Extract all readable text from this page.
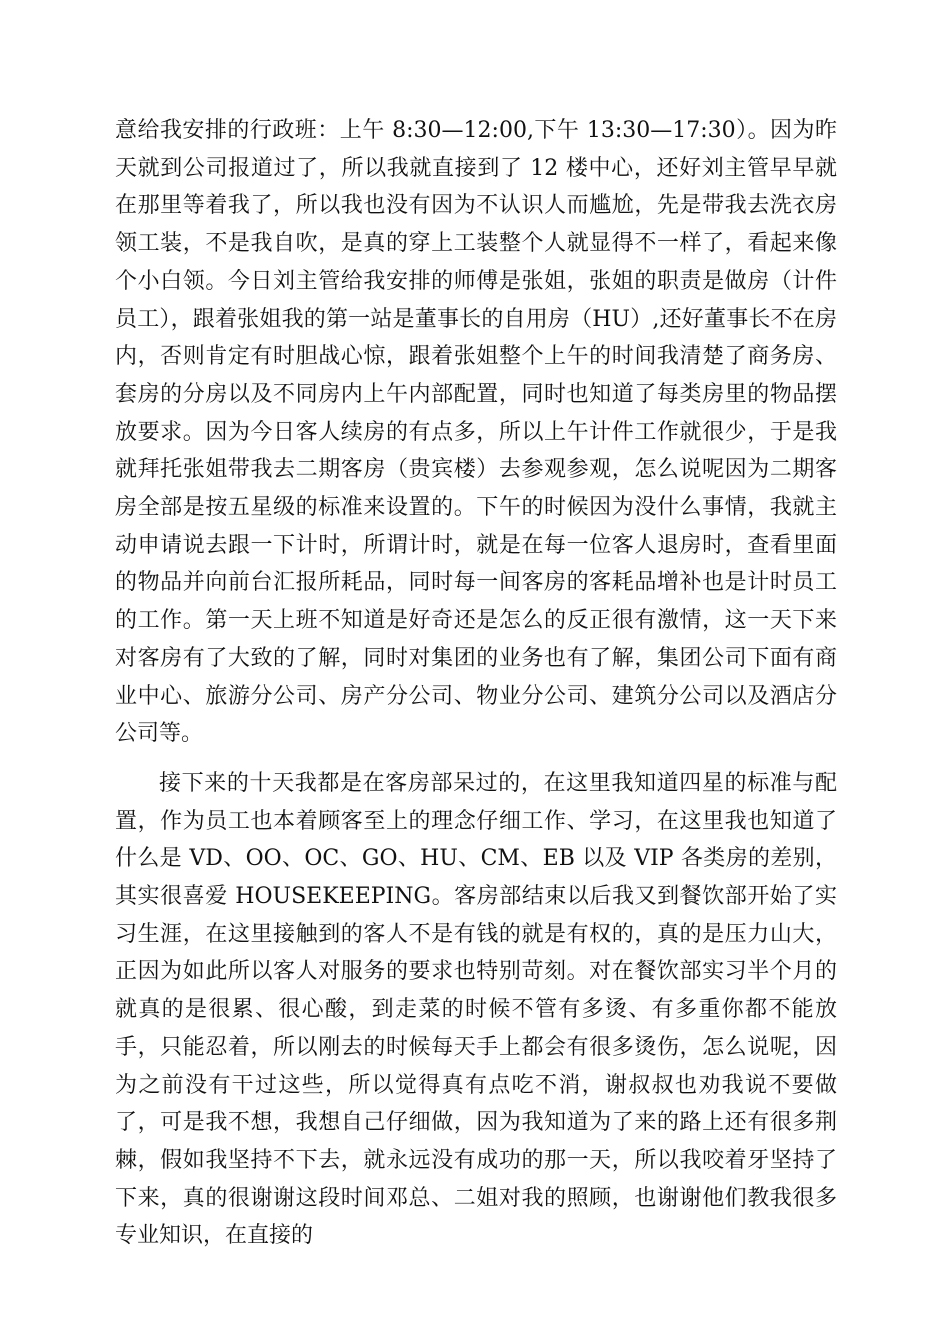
意给我安排的行政班：上午 8:30—12:00,下午 13:30—17:30）。因为昨天就到公司报道过了，所以我就直接到了 12 楼中心，还好刘主管早早就在那里等着我了，所以我也没有因为不认识人而尴尬，先是带我去洗衣房领工装，不是我自吹，是真的穿上工装整个人就显得不一样了，看起来像个小白领。今日刘主管给我安排的师傅是张姐，张姐的职责是做房（计件员工），跟着张姐我的第一站是董事长的自用房（HU）,还好董事长不在房内，否则肯定有时胆战心惊，跟着张姐整个上午的时间我清楚了商务房、套房的分房以及不同房内上午内部配置，同时也知道了每类房里的物品摆放要求。因为今日客人续房的有点多，所以上午计件工作就很少，于是我就拜托张姐带我去二期客房（贵宾楼）去参观参观，怎么说呢因为二期客房全部是按五星级的标准来设置的。下午的时候因为没什么事情，我就主动申请说去跟一下计时，所谓计时，就是在每一位客人退房时，查看里面的物品并向前台汇报所耗品，同时每一间客房的客耗品增补也是计时员工的工作。第一天上班不知道是好奇还是怎么的反正很有激情，这一天下来对客房有了大致的了解，同时对集团的业务也有了解，集团公司下面有商业中心、旅游分公司、房产分公司、物业分公司、建筑分公司以及酒店分公司等。

接下来的十天我都是在客房部呆过的，在这里我知道四星的标准与配置，作为员工也本着顾客至上的理念仔细工作、学习，在这里我也知道了什么是 VD、OO、OC、GO、HU、CM、EB 以及 VIP 各类房的差别，其实很喜爱 HOUSEKEEPING。客房部结束以后我又到餐饮部开始了实习生涯，在这里接触到的客人不是有钱的就是有权的，真的是压力山大，正因为如此所以客人对服务的要求也特别苛刻。对在餐饮部实习半个月的就真的是很累、很心酸，到走菜的时候不管有多烫、有多重你都不能放手，只能忍着，所以刚去的时候每天手上都会有很多烫伤，怎么说呢，因为之前没有干过这些，所以觉得真有点吃不消，谢叔叔也劝我说不要做了，可是我不想，我想自己仔细做，因为我知道为了来的路上还有很多荆棘，假如我坚持不下去，就永远没有成功的那一天，所以我咬着牙坚持了下来，真的很谢谢这段时间邓总、二姐对我的照顾，也谢谢他们教我很多专业知识，在直接的
